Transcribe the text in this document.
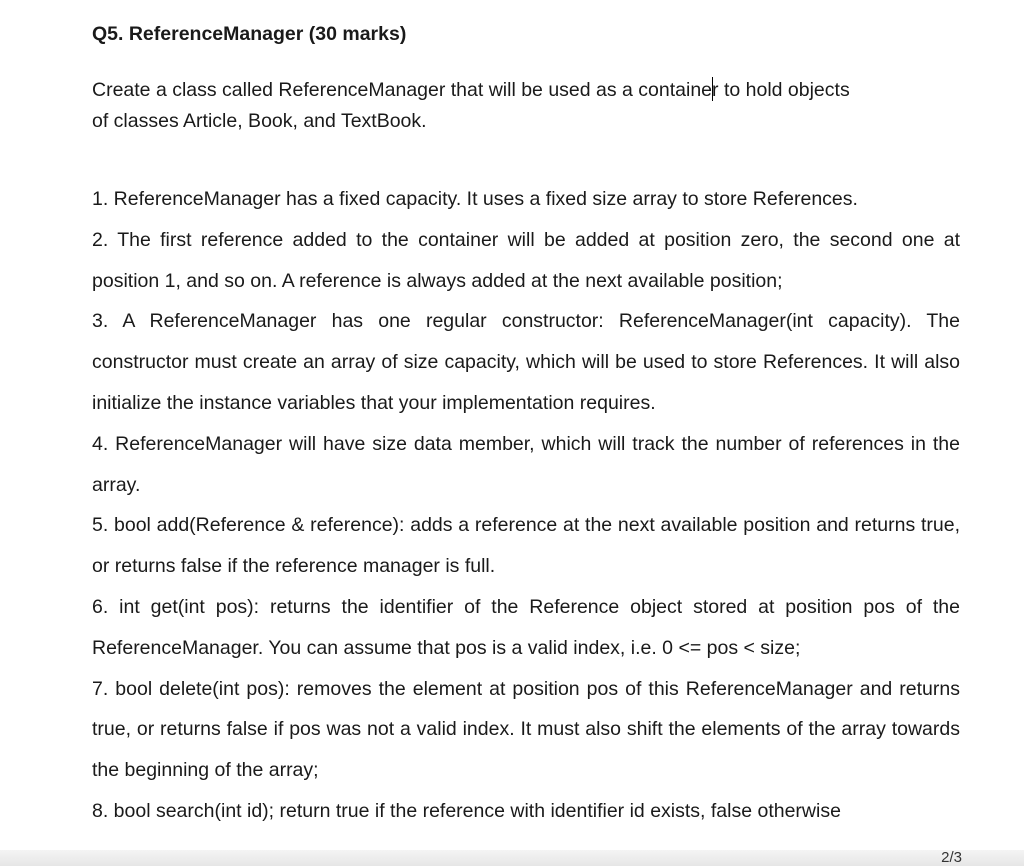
Q5. ReferenceManager (30 marks)
Create a class called ReferenceManager that will be used as a container to hold objects
of classes Article, Book, and TextBook.
1. ReferenceManager has a fixed capacity. It uses a fixed size array to store References.
2. The first reference added to the container will be added at position zero, the second one at position 1, and so on. A reference is always added at the next available position;
3. A ReferenceManager has one regular constructor: ReferenceManager(int capacity). The constructor must create an array of size capacity, which will be used to store References. It will also initialize the instance variables that your implementation requires.
4. ReferenceManager will have size data member, which will track the number of references in the array.
5. bool add(Reference & reference): adds a reference at the next available position and returns true, or returns false if the reference manager is full.
6. int get(int pos): returns the identifier of the Reference object stored at position pos of the ReferenceManager. You can assume that pos is a valid index, i.e. 0 <= pos < size;
7. bool delete(int pos): removes the element at position pos of this ReferenceManager and returns true, or returns false if pos was not a valid index. It must also shift the elements of the array towards the beginning of the array;
8. bool search(int id); return true if the reference with identifier id exists, false otherwise
2/3
